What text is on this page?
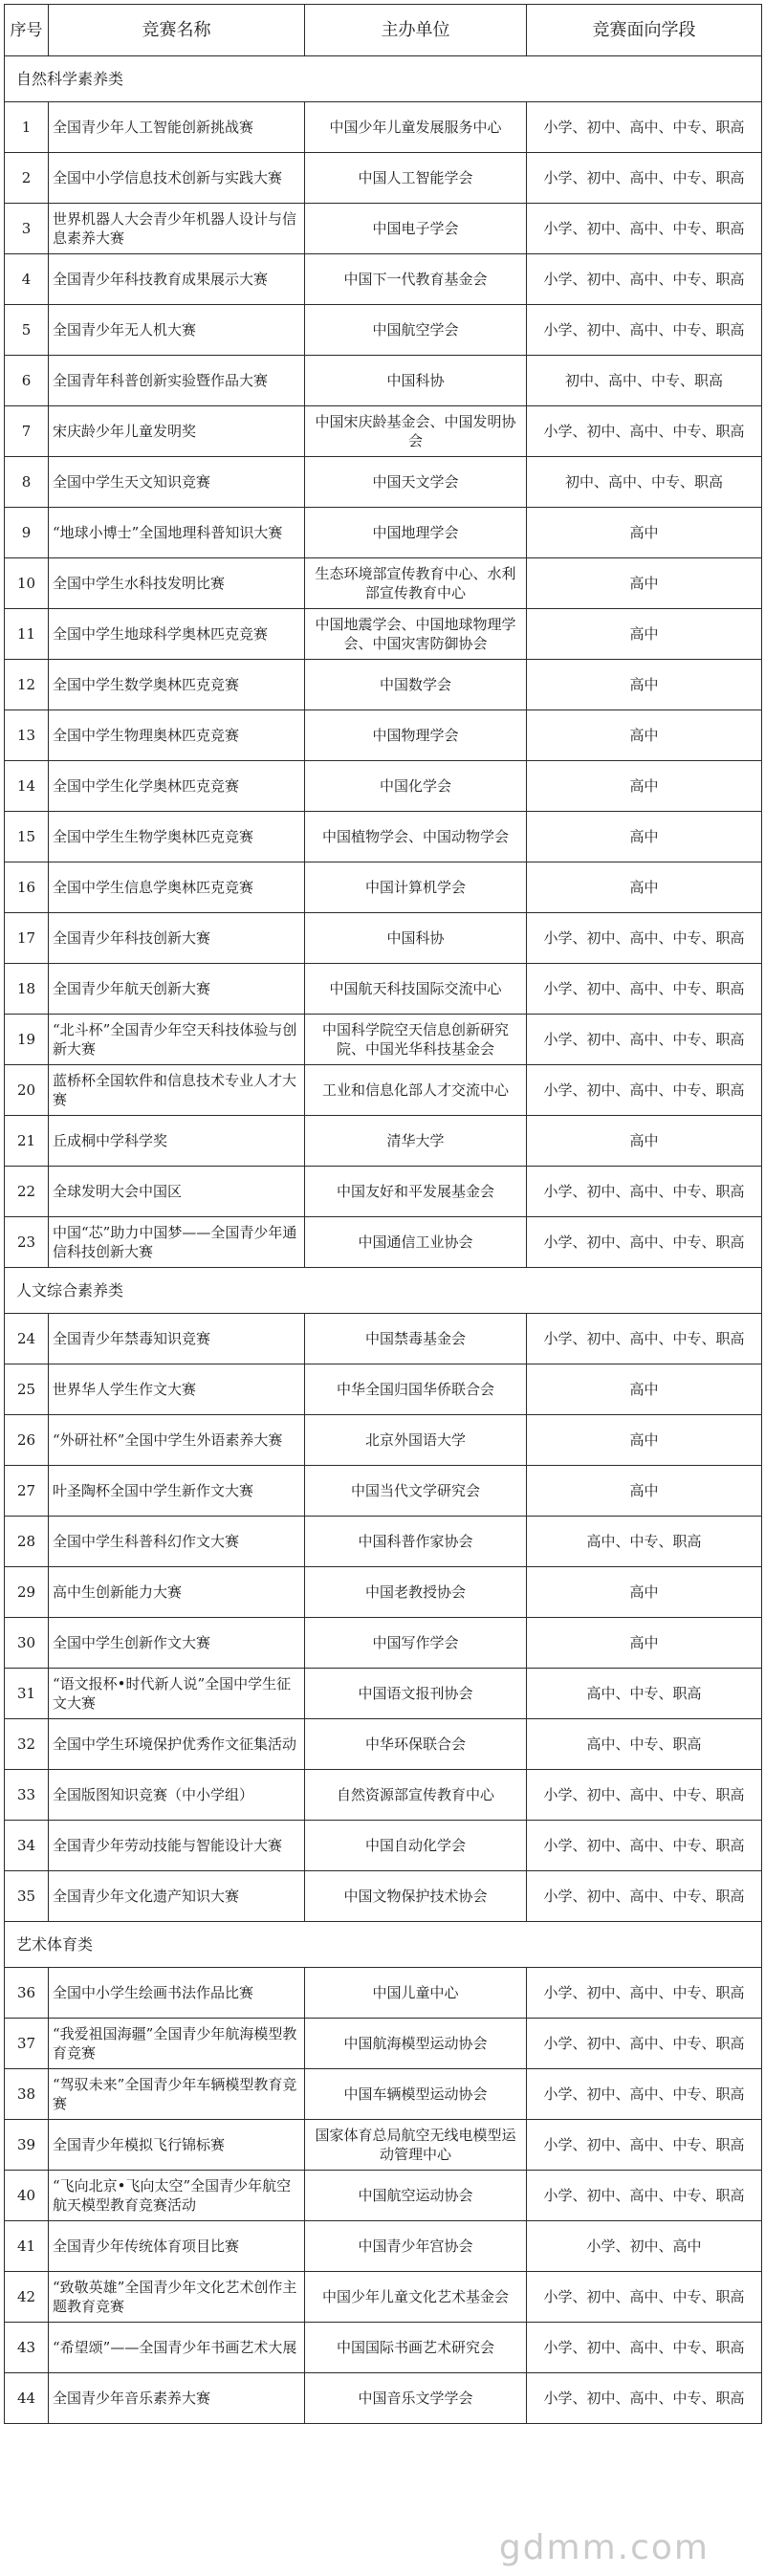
序号	竞赛名称	主办单位	竞赛面向学段
自然科学素养类			
1	全国青少年人工智能创新挑战赛	中国少年儿童发展服务中心	小学、初中、高中、中专、职高
2	全国中小学信息技术创新与实践大赛	中国人工智能学会	小学、初中、高中、中专、职高
3	世界机器人大会青少年机器人设计与信息素养大赛	中国电子学会	小学、初中、高中、中专、职高
4	全国青少年科技教育成果展示大赛	中国下一代教育基金会	小学、初中、高中、中专、职高
5	全国青少年无人机大赛	中国航空学会	小学、初中、高中、中专、职高
6	全国青年科普创新实验暨作品大赛	中国科协	初中、高中、中专、职高
7	宋庆龄少年儿童发明奖	中国宋庆龄基金会、中国发明协会	小学、初中、高中、中专、职高
8	全国中学生天文知识竞赛	中国天文学会	初中、高中、中专、职高
9	“地球小博士”全国地理科普知识大赛	中国地理学会	高中
10	全国中学生水科技发明比赛	生态环境部宣传教育中心、水利部宣传教育中心	高中
11	全国中学生地球科学奥林匹克竞赛	中国地震学会、中国地球物理学会、中国灾害防御协会	高中
12	全国中学生数学奥林匹克竞赛	中国数学会	高中
13	全国中学生物理奥林匹克竞赛	中国物理学会	高中
14	全国中学生化学奥林匹克竞赛	中国化学会	高中
15	全国中学生生物学奥林匹克竞赛	中国植物学会、中国动物学会	高中
16	全国中学生信息学奥林匹克竞赛	中国计算机学会	高中
17	全国青少年科技创新大赛	中国科协	小学、初中、高中、中专、职高
18	全国青少年航天创新大赛	中国航天科技国际交流中心	小学、初中、高中、中专、职高
19	“北斗杯”全国青少年空天科技体验与创新大赛	中国科学院空天信息创新研究院、中国光华科技基金会	小学、初中、高中、中专、职高
20	蓝桥杯全国软件和信息技术专业人才大赛	工业和信息化部人才交流中心	小学、初中、高中、中专、职高
21	丘成桐中学科学奖	清华大学	高中
22	全球发明大会中国区	中国友好和平发展基金会	小学、初中、高中、中专、职高
23	中国“芯”助力中国梦——全国青少年通信科技创新大赛	中国通信工业协会	小学、初中、高中、中专、职高
人文综合素养类			
24	全国青少年禁毒知识竞赛	中国禁毒基金会	小学、初中、高中、中专、职高
25	世界华人学生作文大赛	中华全国归国华侨联合会	高中
26	“外研社杯”全国中学生外语素养大赛	北京外国语大学	高中
27	叶圣陶杯全国中学生新作文大赛	中国当代文学研究会	高中
28	全国中学生科普科幻作文大赛	中国科普作家协会	高中、中专、职高
29	高中生创新能力大赛	中国老教授协会	高中
30	全国中学生创新作文大赛	中国写作学会	高中
31	“语文报杯•时代新人说”全国中学生征文大赛	中国语文报刊协会	高中、中专、职高
32	全国中学生环境保护优秀作文征集活动	中华环保联合会	高中、中专、职高
33	全国版图知识竞赛（中小学组）	自然资源部宣传教育中心	小学、初中、高中、中专、职高
34	全国青少年劳动技能与智能设计大赛	中国自动化学会	小学、初中、高中、中专、职高
35	全国青少年文化遗产知识大赛	中国文物保护技术协会	小学、初中、高中、中专、职高
艺术体育类			
36	全国中小学生绘画书法作品比赛	中国儿童中心	小学、初中、高中、中专、职高
37	“我爱祖国海疆”全国青少年航海模型教育竞赛	中国航海模型运动协会	小学、初中、高中、中专、职高
38	“驾驭未来”全国青少年车辆模型教育竞赛	中国车辆模型运动协会	小学、初中、高中、中专、职高
39	全国青少年模拟飞行锦标赛	国家体育总局航空无线电模型运动管理中心	小学、初中、高中、中专、职高
40	“飞向北京•飞向太空”全国青少年航空航天模型教育竞赛活动	中国航空运动协会	小学、初中、高中、中专、职高
41	全国青少年传统体育项目比赛	中国青少年宫协会	小学、初中、高中
42	“致敬英雄”全国青少年文化艺术创作主题教育竞赛	中国少年儿童文化艺术基金会	小学、初中、高中、中专、职高
43	“希望颂”——全国青少年书画艺术大展	中国国际书画艺术研究会	小学、初中、高中、中专、职高
44	全国青少年音乐素养大赛	中国音乐文学学会	小学、初中、高中、中专、职高
gdmm.com
